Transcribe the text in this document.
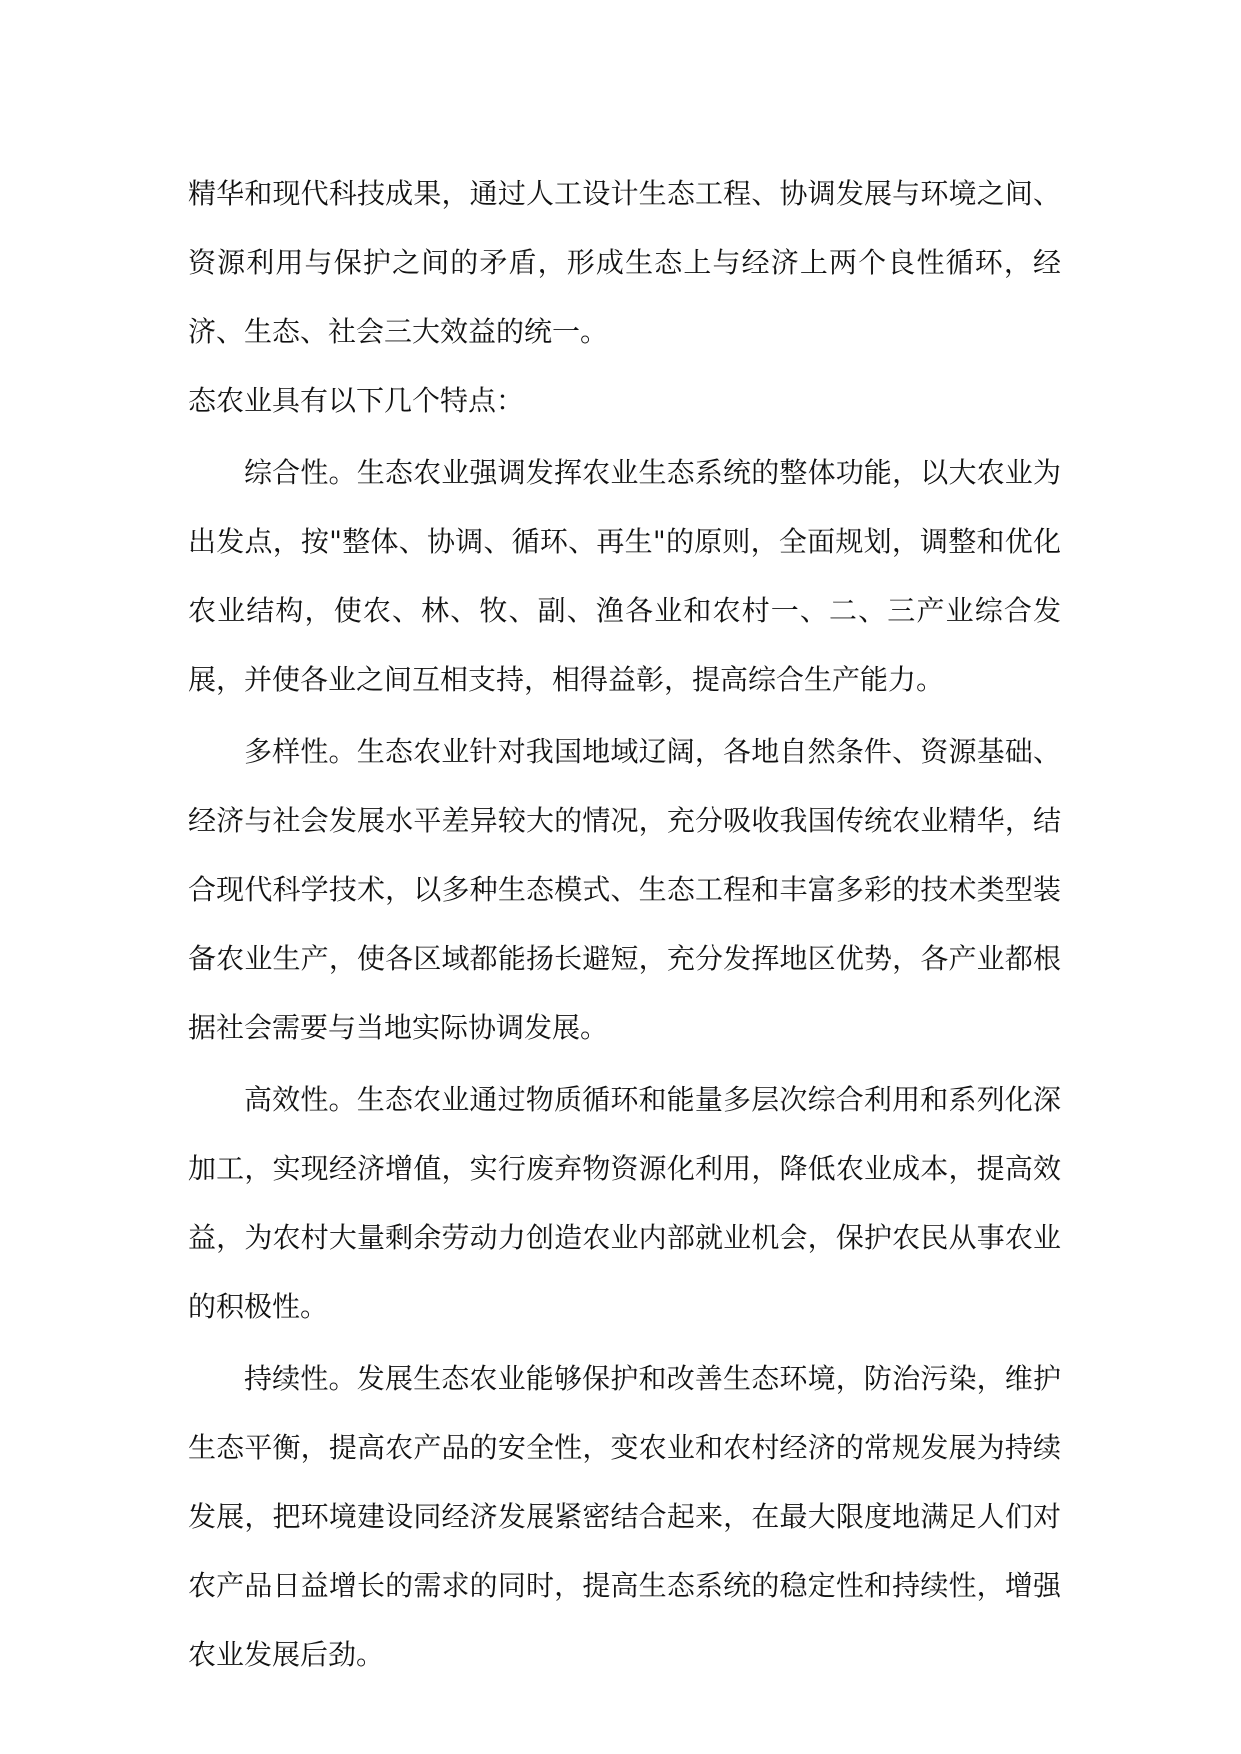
精华和现代科技成果，通过人工设计生态工程、协调发展与环境之间、资源利用与保护之间的矛盾，形成生态上与经济上两个良性循环，经济、生态、社会三大效益的统一。

态农业具有以下几个特点：

综合性。生态农业强调发挥农业生态系统的整体功能，以大农业为出发点，按"整体、协调、循环、再生"的原则，全面规划，调整和优化农业结构，使农、林、牧、副、渔各业和农村一、二、三产业综合发展，并使各业之间互相支持，相得益彰，提高综合生产能力。

多样性。生态农业针对我国地域辽阔，各地自然条件、资源基础、经济与社会发展水平差异较大的情况，充分吸收我国传统农业精华，结合现代科学技术，以多种生态模式、生态工程和丰富多彩的技术类型装备农业生产，使各区域都能扬长避短，充分发挥地区优势，各产业都根据社会需要与当地实际协调发展。

高效性。生态农业通过物质循环和能量多层次综合利用和系列化深加工，实现经济增值，实行废弃物资源化利用，降低农业成本，提高效益，为农村大量剩余劳动力创造农业内部就业机会，保护农民从事农业的积极性。

持续性。发展生态农业能够保护和改善生态环境，防治污染，维护生态平衡，提高农产品的安全性，变农业和农村经济的常规发展为持续发展，把环境建设同经济发展紧密结合起来，在最大限度地满足人们对农产品日益增长的需求的同时，提高生态系统的稳定性和持续性，增强农业发展后劲。
